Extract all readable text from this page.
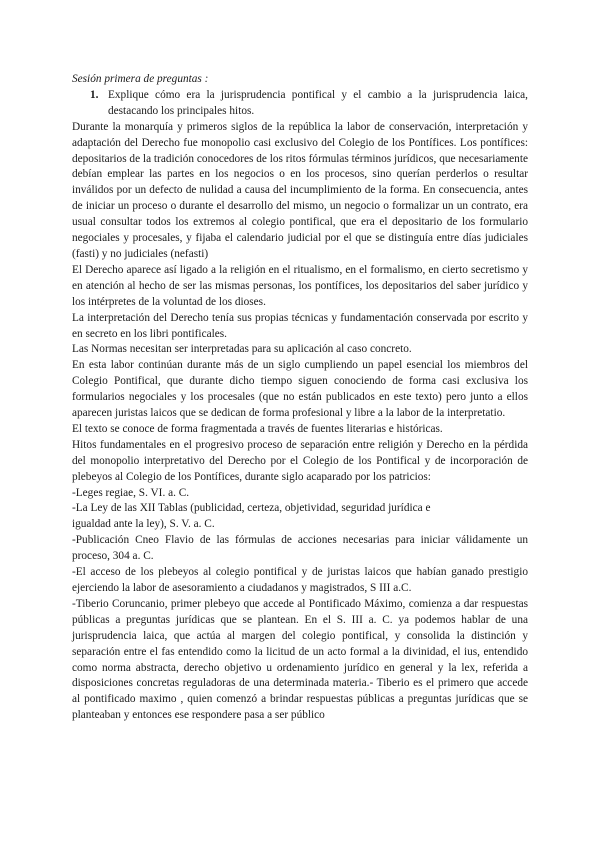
Sesión primera de preguntas :

1. Explique cómo era la jurisprudencia pontifical y el cambio a la jurisprudencia laica, destacando los principales hitos.

Durante la monarquía y primeros siglos de la república la labor de conservación, interpretación y adaptación del Derecho fue monopolio casi exclusivo del Colegio de los Pontífices. Los pontífices: depositarios de la tradición conocedores de los ritos fórmulas términos jurídicos, que necesariamente debían emplear las partes en los negocios o en los procesos, sino querían perderlos o resultar inválidos por un defecto de nulidad a causa del incumplimiento de la forma. En consecuencia, antes de iniciar un proceso o durante el desarrollo del mismo, un negocio o formalizar un un contrato, era usual consultar todos los extremos al colegio pontifical, que era el depositario de los formulario negociales y procesales, y fijaba el calendario judicial por el que se distinguía entre días judiciales (fasti) y no judiciales (nefasti)

El Derecho aparece así ligado a la religión en el ritualismo, en el formalismo, en cierto secretismo y en atención al hecho de ser las mismas personas, los pontífices, los depositarios del saber jurídico y los intérpretes de la voluntad de los dioses.

La interpretación del Derecho tenía sus propias técnicas y fundamentación conservada por escrito y en secreto en los libri pontificales.

Las Normas necesitan ser interpretadas para su aplicación al caso concreto.

En esta labor continúan durante más de un siglo cumpliendo un papel esencial los miembros del Colegio Pontifical, que durante dicho tiempo siguen conociendo de forma casi exclusiva los formularios negociales y los procesales (que no están publicados en este texto) pero junto a ellos aparecen juristas laicos que se dedican de forma profesional y libre a la labor de la interpretatio.

El texto se conoce de forma fragmentada a través de fuentes literarias e históricas.

Hitos fundamentales en el progresivo proceso de separación entre religión y Derecho en la pérdida del monopolio interpretativo del Derecho por el Colegio de los Pontifical y de incorporación de plebeyos al Colegio de los Pontífices, durante siglo acaparado por los patricios:

-Leges regiae, S. VI. a. C.

-La Ley de las XII Tablas (publicidad, certeza, objetividad, seguridad jurídica e

igualdad ante la ley), S. V. a. C.

-Publicación Cneo Flavio de las fórmulas de acciones necesarias para iniciar válidamente un proceso, 304 a. C.

-El acceso de los plebeyos al colegio pontifical y de juristas laicos que habían ganado prestigio ejerciendo la labor de asesoramiento a ciudadanos y magistrados, S III a.C.

-Tiberio Coruncanio, primer plebeyo que accede al Pontificado Máximo, comienza a dar respuestas públicas a preguntas jurídicas que se plantean. En el S. III a. C. ya podemos hablar de una jurisprudencia laica, que actúa al margen del colegio pontifical, y consolida la distinción y separación entre el fas entendido como la licitud de un acto formal a la divinidad, el ius, entendido como norma abstracta, derecho objetivo u ordenamiento jurídico en general y la lex, referida a disposiciones concretas reguladoras de una determinada materia.- Tiberio es el primero que accede al pontificado maximo , quien comenzó a brindar respuestas públicas a preguntas jurídicas que se planteaban y entonces ese respondere pasa a ser público
